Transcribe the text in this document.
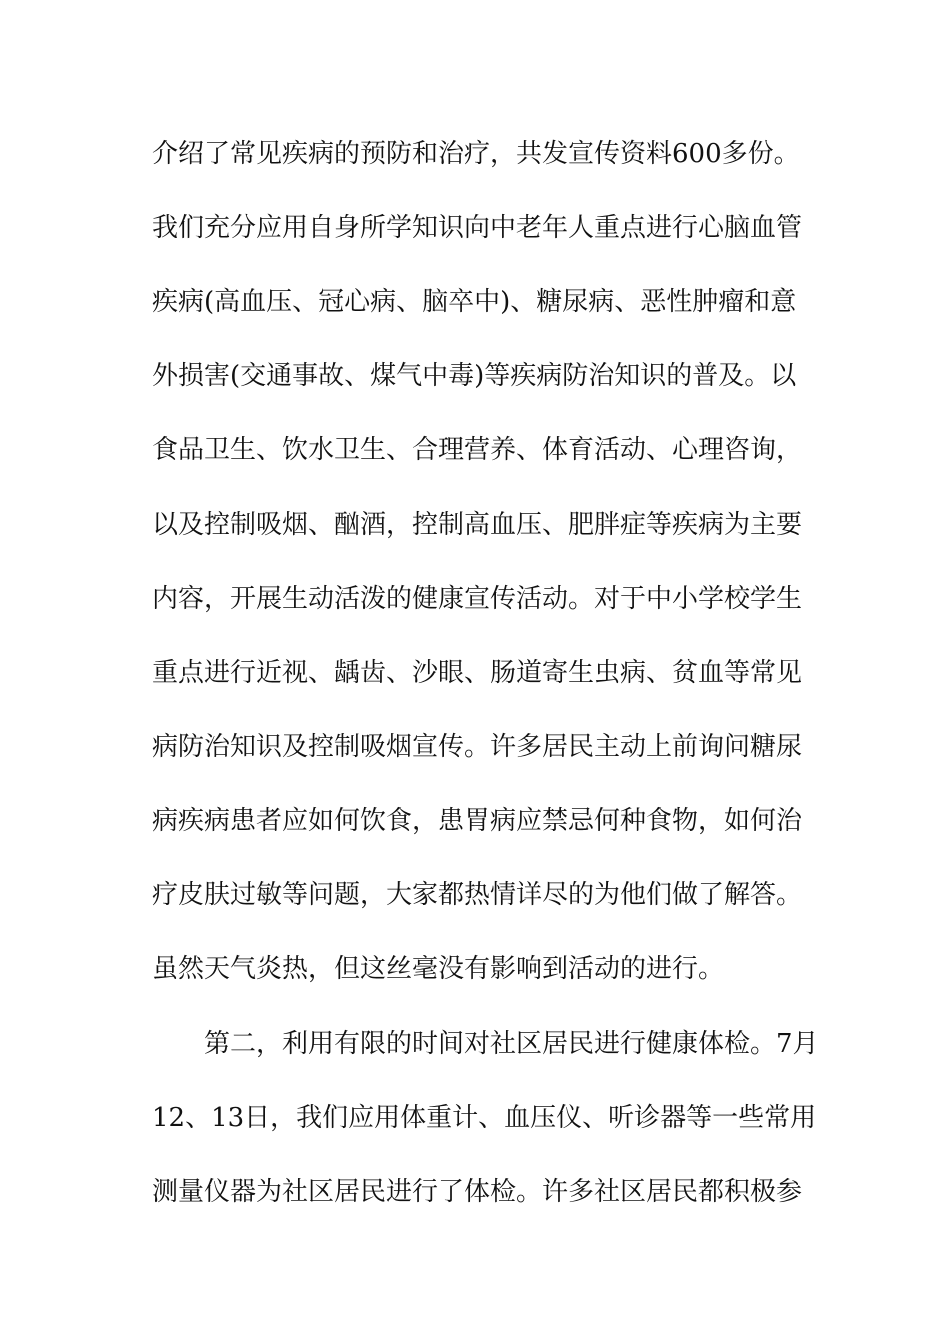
介绍了常见疾病的预防和治疗，共发宣传资料600多份。
我们充分应用自身所学知识向中老年人重点进行心脑血管
疾病(高血压、冠心病、脑卒中)、糖尿病、恶性肿瘤和意
外损害(交通事故、煤气中毒)等疾病防治知识的普及。以
食品卫生、饮水卫生、合理营养、体育活动、心理咨询，
以及控制吸烟、酗酒，控制高血压、肥胖症等疾病为主要
内容，开展生动活泼的健康宣传活动。对于中小学校学生
重点进行近视、龋齿、沙眼、肠道寄生虫病、贫血等常见
病防治知识及控制吸烟宣传。许多居民主动上前询问糖尿
病疾病患者应如何饮食，患胃病应禁忌何种食物，如何治
疗皮肤过敏等问题，大家都热情详尽的为他们做了解答。
虽然天气炎热，但这丝毫没有影响到活动的进行。
第二，利用有限的时间对社区居民进行健康体检。7月
12、13日，我们应用体重计、血压仪、听诊器等一些常用
测量仪器为社区居民进行了体检。许多社区居民都积极参
